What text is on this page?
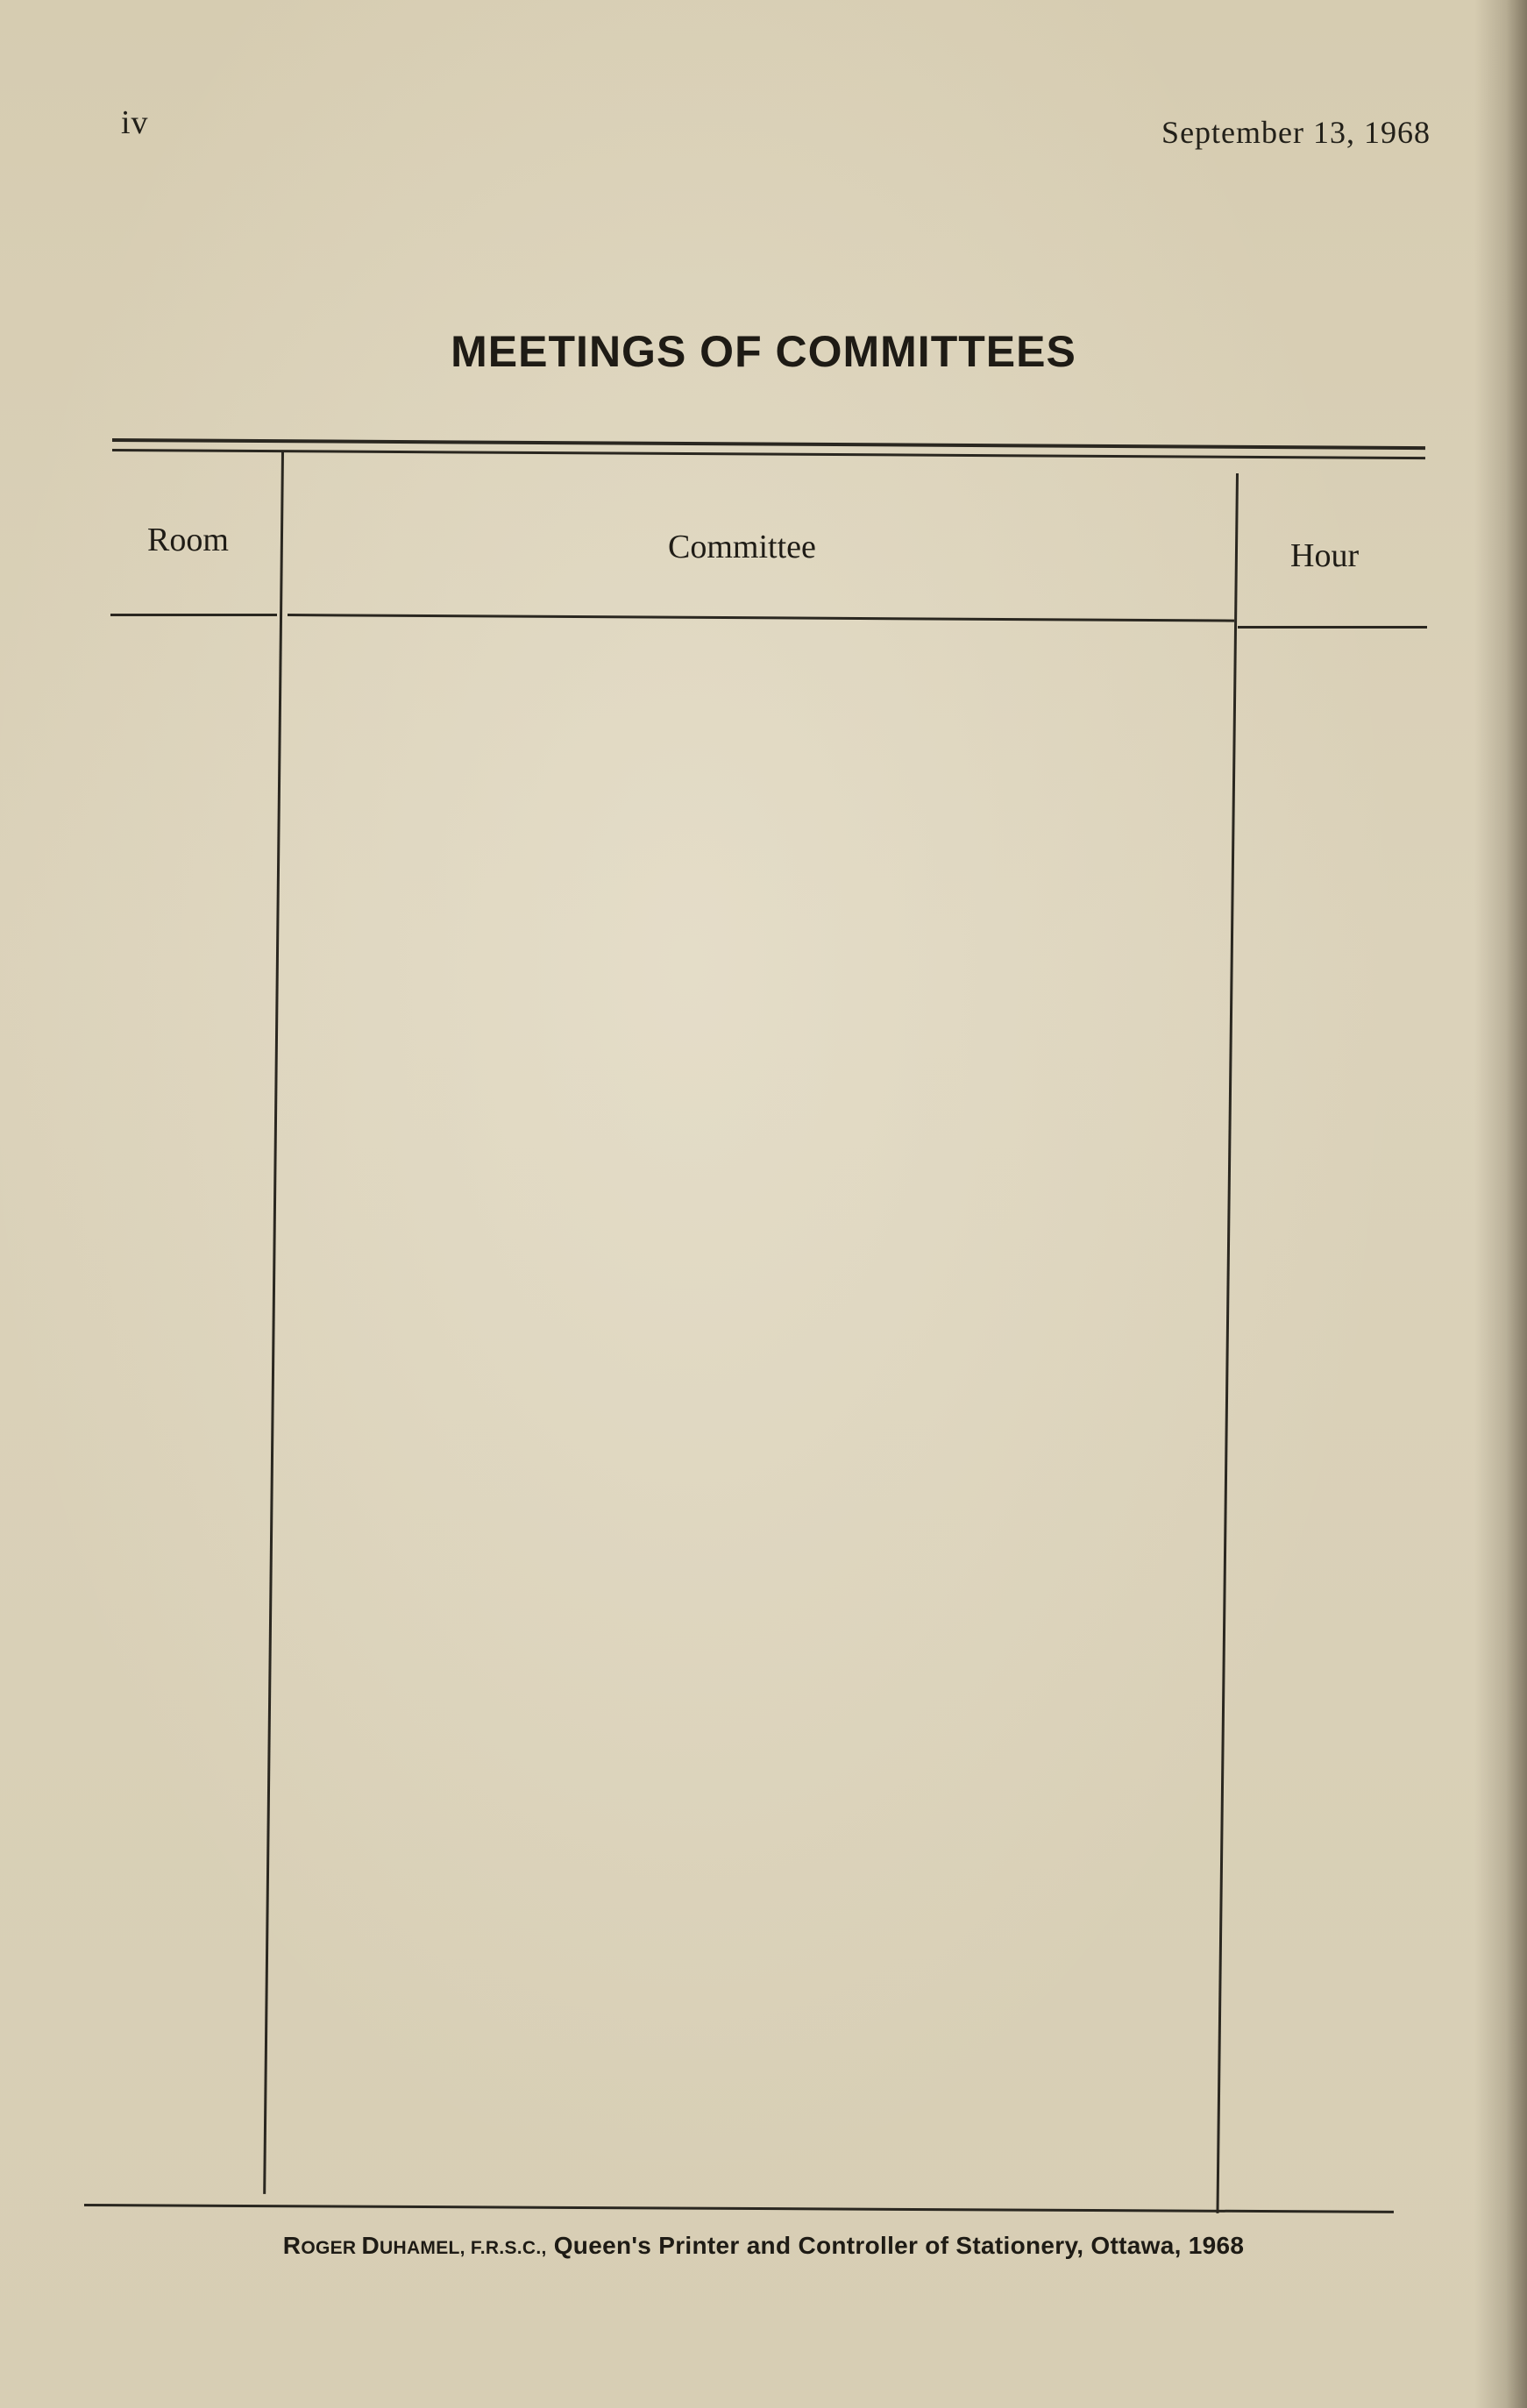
iv	September 13, 1968
MEETINGS OF COMMITTEES
Room	Committee	Hour
ROGER DUHAMEL, F.R.S.C., Queen's Printer and Controller of Stationery, Ottawa, 1968
